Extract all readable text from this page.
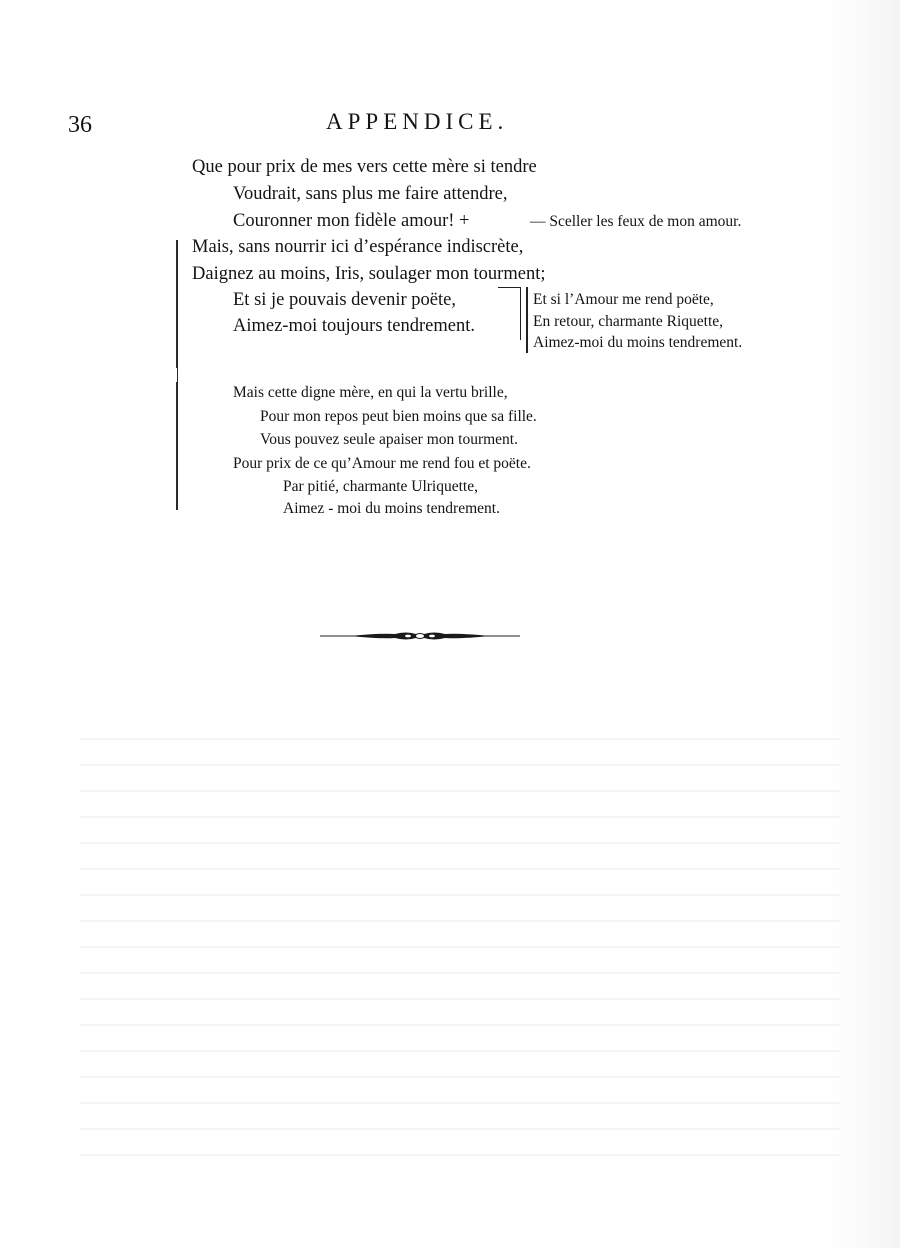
36	APPENDICE.
Que pour prix de mes vers cette mère si tendre
Voudrait, sans plus me faire attendre,
Couronner mon fidèle amour! +	— Sceller les feux de mon amour.
Mais, sans nourrir ici d’espérance indiscrète,
Daignez au moins, Iris, soulager mon tourment;
Et si je pouvais devenir poëte,
Aimez-moi toujours tendrement.
Et si l’Amour me rend poëte,
En retour, charmante Riquette,
Aimez-moi du moins tendrement.
Mais cette digne mère, en qui la vertu brille,
Pour mon repos peut bien moins que sa fille.
Vous pouvez seule apaiser mon tourment.
Pour prix de ce qu’Amour me rend fou et poëte.
Par pitié, charmante Ulriquette,
Aimez - moi du moins tendrement.
